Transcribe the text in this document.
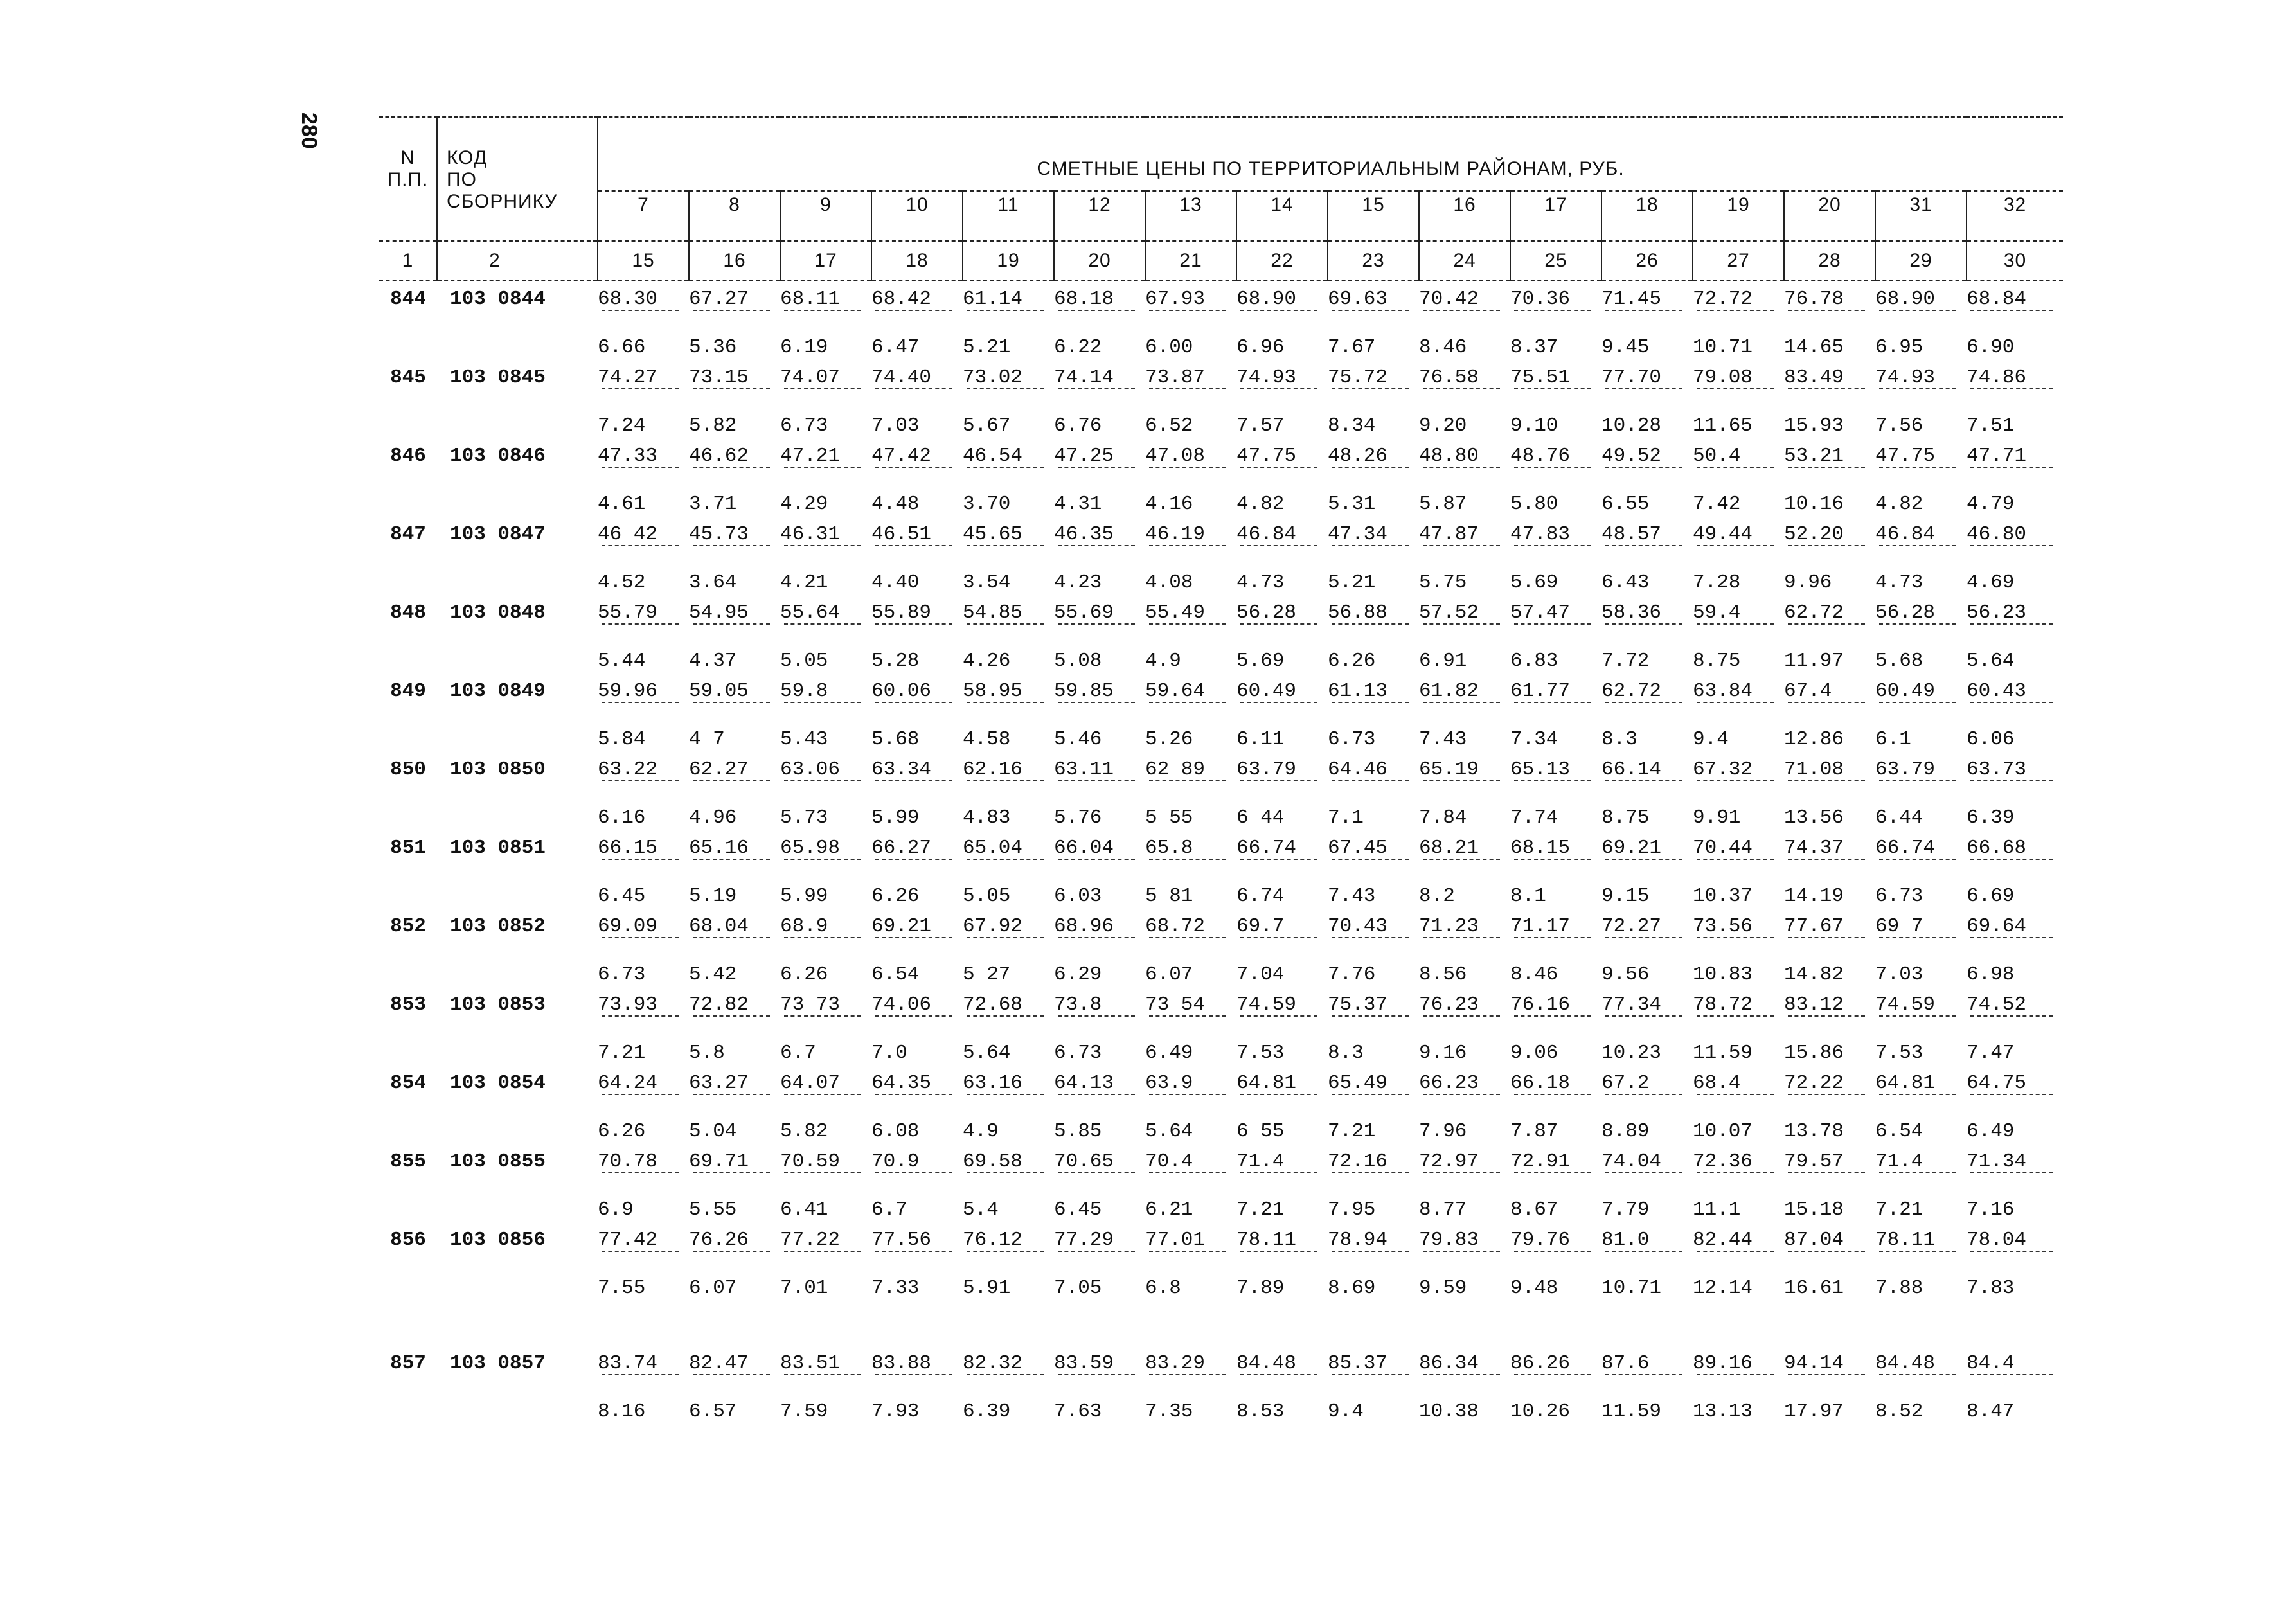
280
N	КОД	СМЕТНЫЕ ЦЕНЫ ПО ТЕРРИТОРИАЛЬНЫМ РАЙОНАМ, РУБ.															
П.П.	ПО																
	СБОРНИКУ	7	8	9	10	11	12	13	14	15	16	17	18	19	20	31	32
1	2	15	16	17	18	19	20	21	22	23	24	25	26	27	28	29	30
844	103 0844	68.30	67.27	68.11	68.42	61.14	68.18	67.93	68.90	69.63	70.42	70.36	71.45	72.72	76.78	68.90	68.84
		6.66	5.36	6.19	6.47	5.21	6.22	6.00	6.96	7.67	8.46	8.37	9.45	10.71	14.65	6.95	6.90
845	103 0845	74.27	73.15	74.07	74.40	73.02	74.14	73.87	74.93	75.72	76.58	75.51	77.70	79.08	83.49	74.93	74.86
		7.24	5.82	6.73	7.03	5.67	6.76	6.52	7.57	8.34	9.20	9.10	10.28	11.65	15.93	7.56	7.51
846	103 0846	47.33	46.62	47.21	47.42	46.54	47.25	47.08	47.75	48.26	48.80	48.76	49.52	50.4	53.21	47.75	47.71
		4.61	3.71	4.29	4.48	3.70	4.31	4.16	4.82	5.31	5.87	5.80	6.55	7.42	10.16	4.82	4.79
847	103 0847	46 42	45.73	46.31	46.51	45.65	46.35	46.19	46.84	47.34	47.87	47.83	48.57	49.44	52.20	46.84	46.80
		4.52	3.64	4.21	4.40	3.54	4.23	4.08	4.73	5.21	5.75	5.69	6.43	7.28	9.96	4.73	4.69
848	103 0848	55.79	54.95	55.64	55.89	54.85	55.69	55.49	56.28	56.88	57.52	57.47	58.36	59.4	62.72	56.28	56.23
		5.44	4.37	5.05	5.28	4.26	5.08	4.9	5.69	6.26	6.91	6.83	7.72	8.75	11.97	5.68	5.64
849	103 0849	59.96	59.05	59.8	60.06	58.95	59.85	59.64	60.49	61.13	61.82	61.77	62.72	63.84	67.4	60.49	60.43
		5.84	4 7	5.43	5.68	4.58	5.46	5.26	6.11	6.73	7.43	7.34	8.3	9.4	12.86	6.1	6.06
850	103 0850	63.22	62.27	63.06	63.34	62.16	63.11	62 89	63.79	64.46	65.19	65.13	66.14	67.32	71.08	63.79	63.73
		6.16	4.96	5.73	5.99	4.83	5.76	5 55	6 44	7.1	7.84	7.74	8.75	9.91	13.56	6.44	6.39
851	103 0851	66.15	65.16	65.98	66.27	65.04	66.04	65.8	66.74	67.45	68.21	68.15	69.21	70.44	74.37	66.74	66.68
		6.45	5.19	5.99	6.26	5.05	6.03	5 81	6.74	7.43	8.2	8.1	9.15	10.37	14.19	6.73	6.69
852	103 0852	69.09	68.04	68.9	69.21	67.92	68.96	68.72	69.7	70.43	71.23	71.17	72.27	73.56	77.67	69 7	69.64
		6.73	5.42	6.26	6.54	5 27	6.29	6.07	7.04	7.76	8.56	8.46	9.56	10.83	14.82	7.03	6.98
853	103 0853	73.93	72.82	73 73	74.06	72.68	73.8	73 54	74.59	75.37	76.23	76.16	77.34	78.72	83.12	74.59	74.52
		7.21	5.8	6.7	7.0	5.64	6.73	6.49	7.53	8.3	9.16	9.06	10.23	11.59	15.86	7.53	7.47
854	103 0854	64.24	63.27	64.07	64.35	63.16	64.13	63.9	64.81	65.49	66.23	66.18	67.2	68.4	72.22	64.81	64.75
		6.26	5.04	5.82	6.08	4.9	5.85	5.64	6 55	7.21	7.96	7.87	8.89	10.07	13.78	6.54	6.49
855	103 0855	70.78	69.71	70.59	70.9	69.58	70.65	70.4	71.4	72.16	72.97	72.91	74.04	72.36	79.57	71.4	71.34
		6.9	5.55	6.41	6.7	5.4	6.45	6.21	7.21	7.95	8.77	8.67	7.79	11.1	15.18	7.21	7.16
856	103 0856	77.42	76.26	77.22	77.56	76.12	77.29	77.01	78.11	78.94	79.83	79.76	81.0	82.44	87.04	78.11	78.04
		7.55	6.07	7.01	7.33	5.91	7.05	6.8	7.89	8.69	9.59	9.48	10.71	12.14	16.61	7.88	7.83

857	103 0857	83.74	82.47	83.51	83.88	82.32	83.59	83.29	84.48	85.37	86.34	86.26	87.6	89.16	94.14	84.48	84.4
		8.16	6.57	7.59	7.93	6.39	7.63	7.35	8.53	9.4	10.38	10.26	11.59	13.13	17.97	8.52	8.47
